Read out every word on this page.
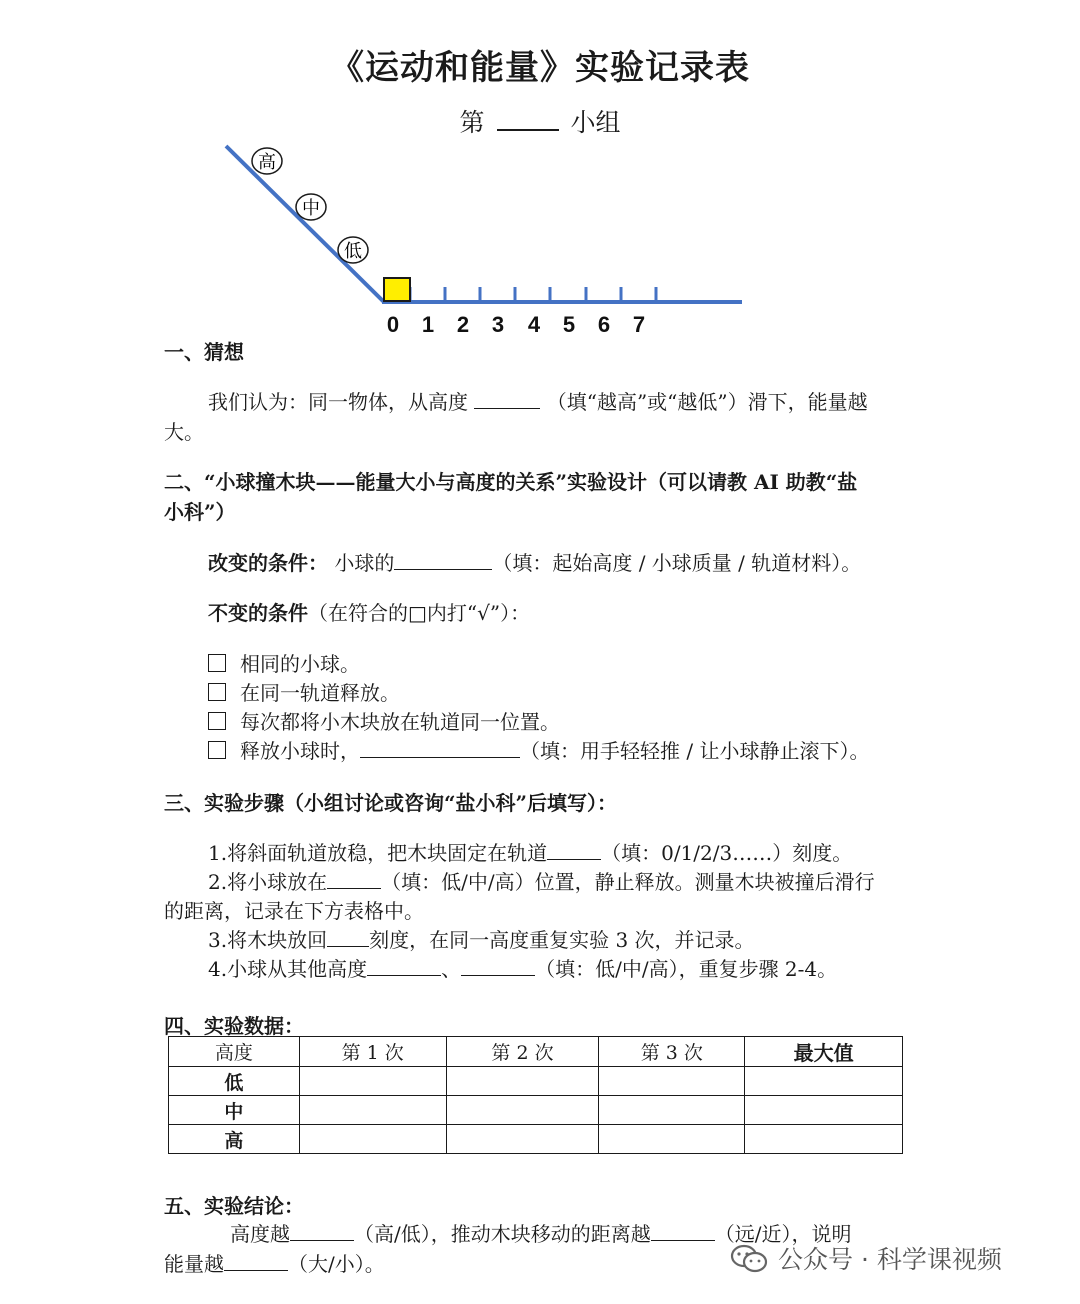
《运动和能量》实验记录表
第	小组
高
中
低
0 1 2 3 4 5 6 7
一、猜想
我们认为：同一物体，从高度	（填“越高”或“越低”）滑下，能量越
大。
二、“小球撞木块——能量大小与高度的关系”实验设计（可以请教 AI 助教“盐
小科”）
改变的条件： 小球的	（填：起始高度 / 小球质量 / 轨道材料）。
不变的条件（在符合的□内打“√”）：
相同的小球。
在同一轨道释放。
每次都将小木块放在轨道同一位置。
释放小球时，	（填：用手轻轻推 / 让小球静止滚下）。
三、实验步骤（小组讨论或咨询“盐小科”后填写）：
1.将斜面轨道放稳，把木块固定在轨道	（填：0/1/2/3……）刻度。
2.将小球放在	（填：低/中/高）位置，静止释放。测量木块被撞后滑行
的距离，记录在下方表格中。
3.将木块放回 刻度，在同一高度重复实验 3 次，并记录。
4.小球从其他高度	、	（填：低/中/高），重复步骤 2-4。
四、实验数据：
高度	第 1 次	第 2 次	第 3 次	最大值
低				
中				
高				
五、实验结论：
高度越	（高/低），推动木块移动的距离越	（远/近），说明
能量越	（大/小）。	公众号 · 科学课视频
